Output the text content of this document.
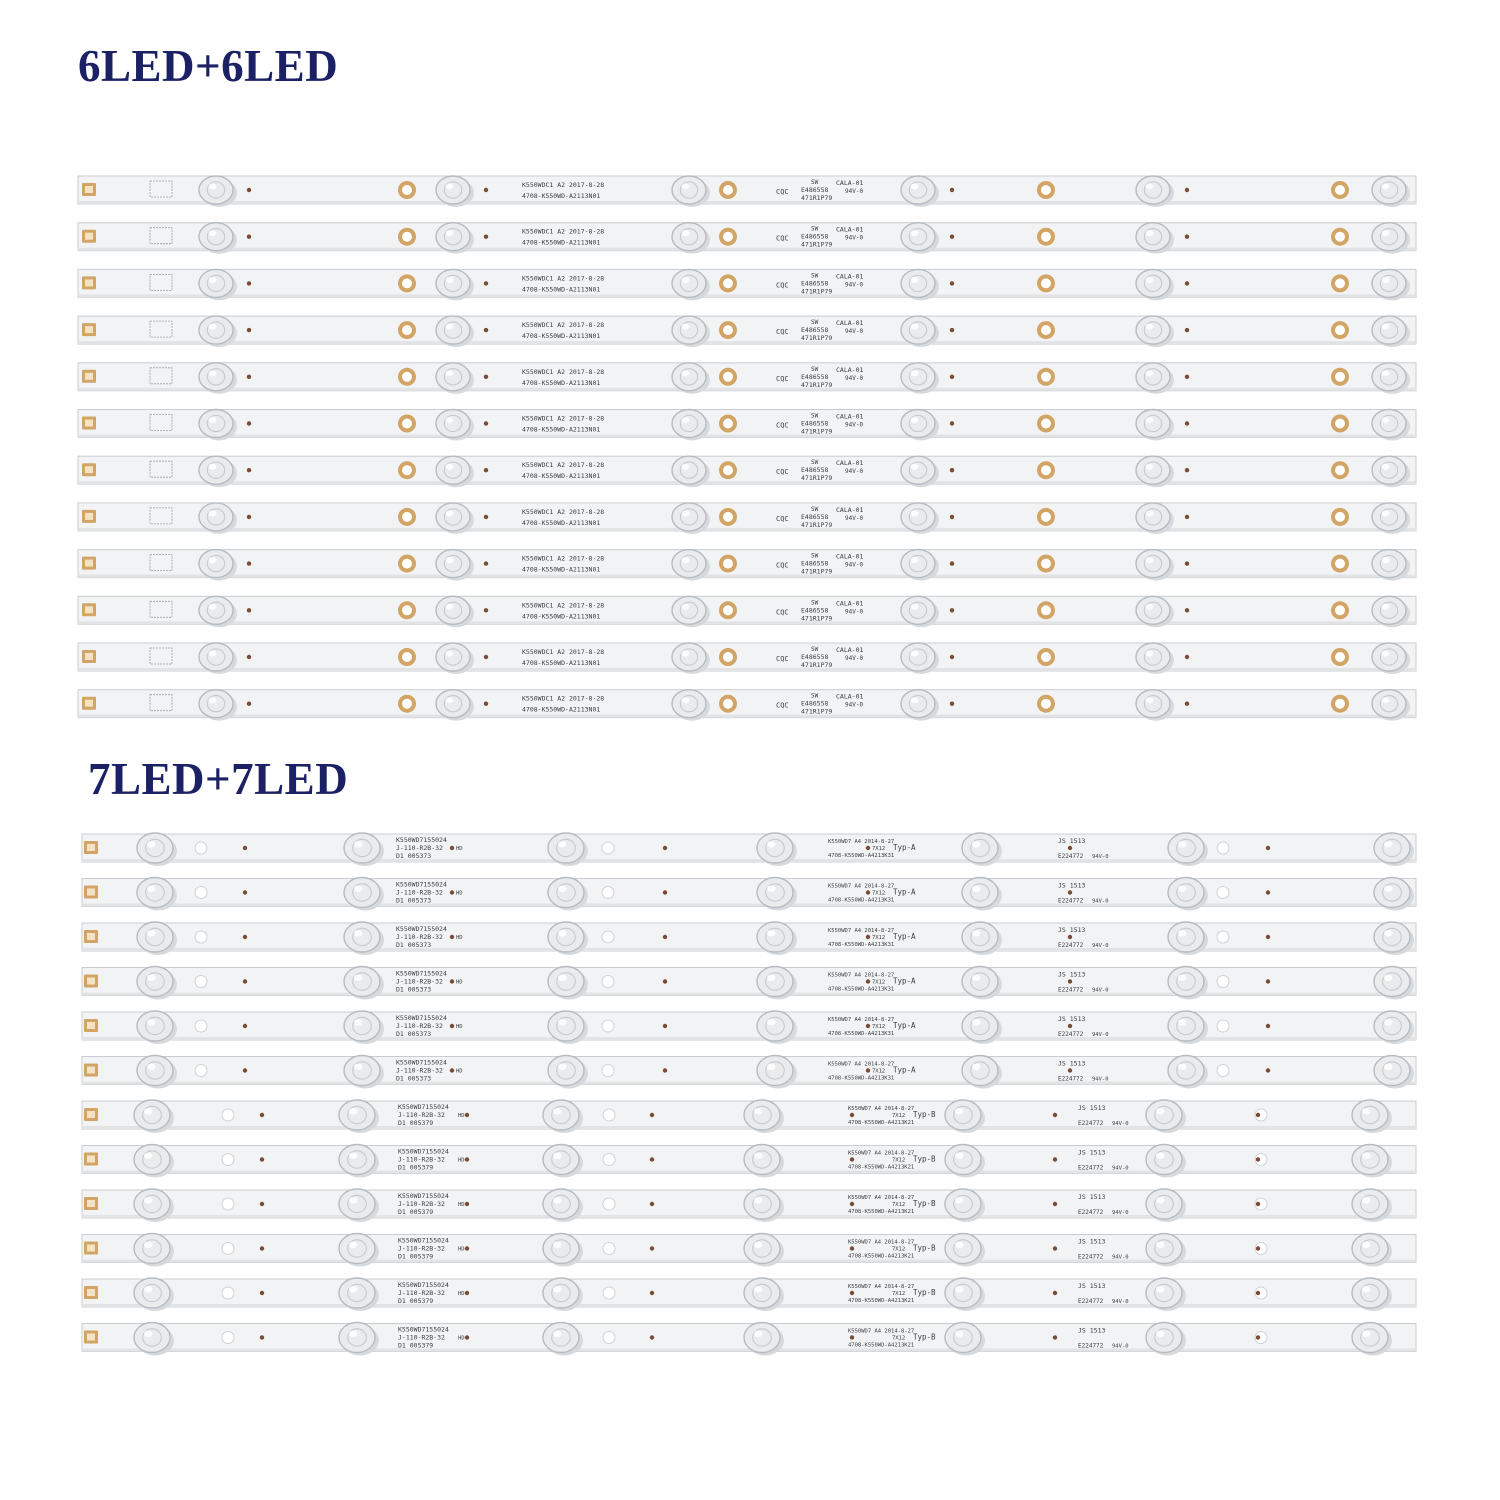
6LED+6LED
7LED+7LED
K550WDC1 A2 2017-8-28
4708-K550WD-A2113N01	CQC
SW
E486558
471R1P79
CALA-01
94V-0
K550WDC1 A2 2017-8-28
4708-K550WD-A2113N01	CQC
SW
E486558
471R1P79
CALA-01
94V-0
K550WDC1 A2 2017-8-28
4708-K550WD-A2113N01	CQC
SW
E486558
471R1P79
CALA-01
94V-0
K550WDC1 A2 2017-8-28
4708-K550WD-A2113N01	CQC
SW
E486558
471R1P79
CALA-01
94V-0
K550WDC1 A2 2017-8-28
4708-K550WD-A2113N01	CQC
SW
E486558
471R1P79
CALA-01
94V-0
K550WDC1 A2 2017-8-28
4708-K550WD-A2113N01	CQC
SW
E486558
471R1P79
CALA-01
94V-0
K550WDC1 A2 2017-8-28
4708-K550WD-A2113N01	CQC
SW
E486558
471R1P79
CALA-01
94V-0
K550WDC1 A2 2017-8-28
4708-K550WD-A2113N01	CQC
SW
E486558
471R1P79
CALA-01
94V-0
K550WDC1 A2 2017-8-28
4708-K550WD-A2113N01	CQC
SW
E486558
471R1P79
CALA-01
94V-0
K550WDC1 A2 2017-8-28
4708-K550WD-A2113N01	CQC
SW
E486558
471R1P79
CALA-01
94V-0
K550WDC1 A2 2017-8-28
4708-K550WD-A2113N01	CQC
SW
E486558
471R1P79
CALA-01
94V-0
K550WDC1 A2 2017-8-28
4708-K550WD-A2113N01	CQC
SW
E486558
471R1P79
CALA-01
94V-0
K550WD7155024
J-110-R2B-32 HD
D1 005373
K550WD7 A4 2014-8-27
7X12
4708-K550WD-A4213K31
Typ-A
JS 1513
E224772 94V-0
K550WD7155024
J-110-R2B-32 HD
D1 005373
K550WD7 A4 2014-8-27
7X12
4708-K550WD-A4213K31
Typ-A
JS 1513
E224772 94V-0
K550WD7155024
J-110-R2B-32 HD
D1 005373
K550WD7 A4 2014-8-27
7X12
4708-K550WD-A4213K31
Typ-A
JS 1513
E224772 94V-0
K550WD7155024
J-110-R2B-32 HD
D1 005373
K550WD7 A4 2014-8-27
7X12
4708-K550WD-A4213K31
Typ-A
JS 1513
E224772 94V-0
K550WD7155024
J-110-R2B-32 HD
D1 005373
K550WD7 A4 2014-8-27
7X12
4708-K550WD-A4213K31
Typ-A
JS 1513
E224772 94V-0
K550WD7155024
J-110-R2B-32 HD
D1 005373
K550WD7 A4 2014-8-27
7X12
4708-K550WD-A4213K31
Typ-A
JS 1513
E224772 94V-0
K550WD7155024
J-110-R2B-32 HD
D1 005379
K550WD7 A4 2014-8-27
7X12
4708-K550WD-A4213K21
Typ-B
JS 1513
E224772 94V-0
K550WD7155024
J-110-R2B-32 HD
D1 005379
K550WD7 A4 2014-8-27
7X12
4708-K550WD-A4213K21
Typ-B
JS 1513
E224772 94V-0
K550WD7155024
J-110-R2B-32 HD
D1 005379
K550WD7 A4 2014-8-27
7X12
4708-K550WD-A4213K21
Typ-B
JS 1513
E224772 94V-0
K550WD7155024
J-110-R2B-32 HD
D1 005379
K550WD7 A4 2014-8-27
7X12
4708-K550WD-A4213K21
Typ-B
JS 1513
E224772 94V-0
K550WD7155024
J-110-R2B-32 HD
D1 005379
K550WD7 A4 2014-8-27
7X12
4708-K550WD-A4213K21
Typ-B
JS 1513
E224772 94V-0
K550WD7155024
J-110-R2B-32 HD
D1 005379
K550WD7 A4 2014-8-27
7X12
4708-K550WD-A4213K21
Typ-B
JS 1513
E224772 94V-0
